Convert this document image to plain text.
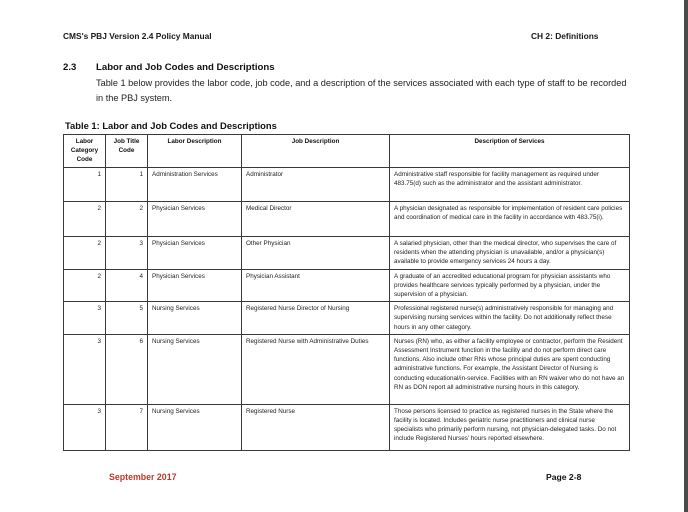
CMS's PBJ Version 2.4 Policy Manual	CH 2: Definitions
2.3 Labor and Job Codes and Descriptions
Table 1 below provides the labor code, job code, and a description of the services associated with each type of staff to be recorded in the PBJ system.
Table 1: Labor and Job Codes and Descriptions
Labor Category Code	Job Title Code	Labor Description	Job Description	Description of Services
1	1	Administration Services	Administrator	Administrative staff responsible for facility management as required under 483.75(d) such as the administrator and the assistant administrator.
2	2	Physician Services	Medical Director	A physician designated as responsible for implementation of resident care policies and coordination of medical care in the facility in accordance with 483.75(i).
2	3	Physician Services	Other Physician	A salaried physician, other than the medical director, who supervises the care of residents when the attending physician is unavailable, and/or a physician(s) available to provide emergency services 24 hours a day.
2	4	Physician Services	Physician Assistant	A graduate of an accredited educational program for physician assistants who provides healthcare services typically performed by a physician, under the supervision of a physician.
3	5	Nursing Services	Registered Nurse Director of Nursing	Professional registered nurse(s) administratively responsible for managing and supervising nursing services within the facility. Do not additionally reflect these hours in any other category.
3	6	Nursing Services	Registered Nurse with Administrative Duties	Nurses (RN) who, as either a facility employee or contractor, perform the Resident Assessment Instrument function in the facility and do not perform direct care functions. Also include other RNs whose principal duties are spent conducting administrative functions. For example, the Assistant Director of Nursing is conducting educational/in-service. Facilities with an RN waiver who do not have an RN as DON report all administrative nursing hours in this category.
3	7	Nursing Services	Registered Nurse	Those persons licensed to practice as registered nurses in the State where the facility is located. Includes geriatric nurse practitioners and clinical nurse specialists who primarily perform nursing, not physician-delegated tasks. Do not include Registered Nurses' hours reported elsewhere.
September 2017	Page 2-8
